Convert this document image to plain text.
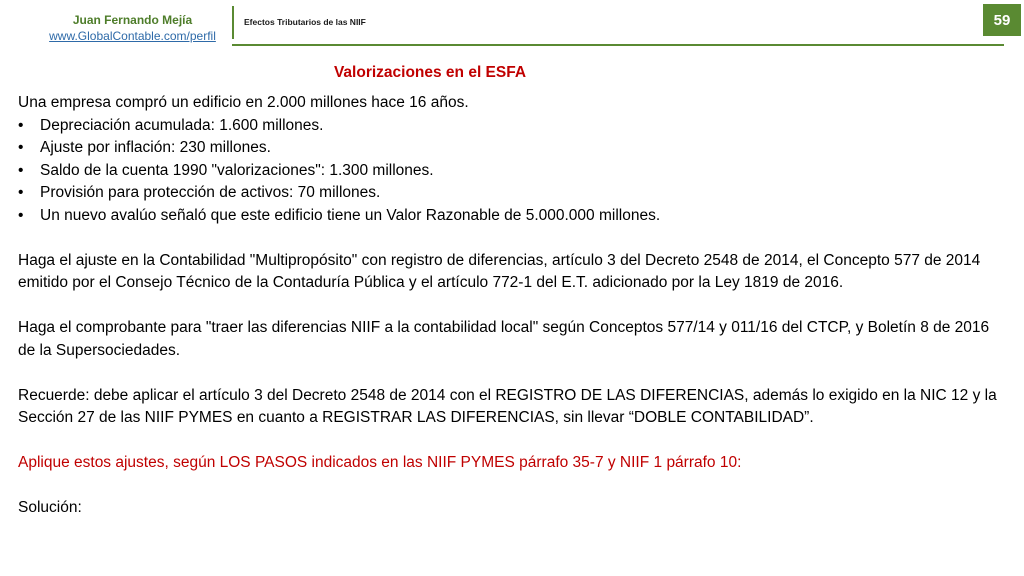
Juan Fernando Mejía
www.GlobalContable.com/perfil
Efectos Tributarios de las NIIF	59
Valorizaciones en el ESFA

Una empresa compró un edificio en 2.000 millones hace 16 años.

• Depreciación acumulada: 1.600 millones.
• Ajuste por inflación: 230 millones.
• Saldo de la cuenta 1990 "valorizaciones": 1.300 millones.
• Provisión para protección de activos: 70 millones.
• Un nuevo avalúo señaló que este edificio tiene un Valor Razonable de 5.000.000 millones.

Haga el ajuste en la Contabilidad "Multipropósito" con registro de diferencias, artículo 3 del Decreto 2548 de 2014, el Concepto 577 de 2014 emitido por el Consejo Técnico de la Contaduría Pública y el artículo 772-1 del E.T. adicionado por la Ley 1819 de 2016.

Haga el comprobante para "traer las diferencias NIIF a la contabilidad local" según Conceptos 577/14 y 011/16 del CTCP, y Boletín 8 de 2016 de la Supersociedades.

Recuerde: debe aplicar el artículo 3 del Decreto 2548 de 2014 con el REGISTRO DE LAS DIFERENCIAS, además lo exigido en la NIC 12 y la Sección 27 de las NIIF PYMES en cuanto a REGISTRAR LAS DIFERENCIAS, sin llevar “DOBLE CONTABILIDAD”.

Aplique estos ajustes, según LOS PASOS indicados en las NIIF PYMES párrafo 35-7 y NIIF 1 párrafo 10:

Solución:
